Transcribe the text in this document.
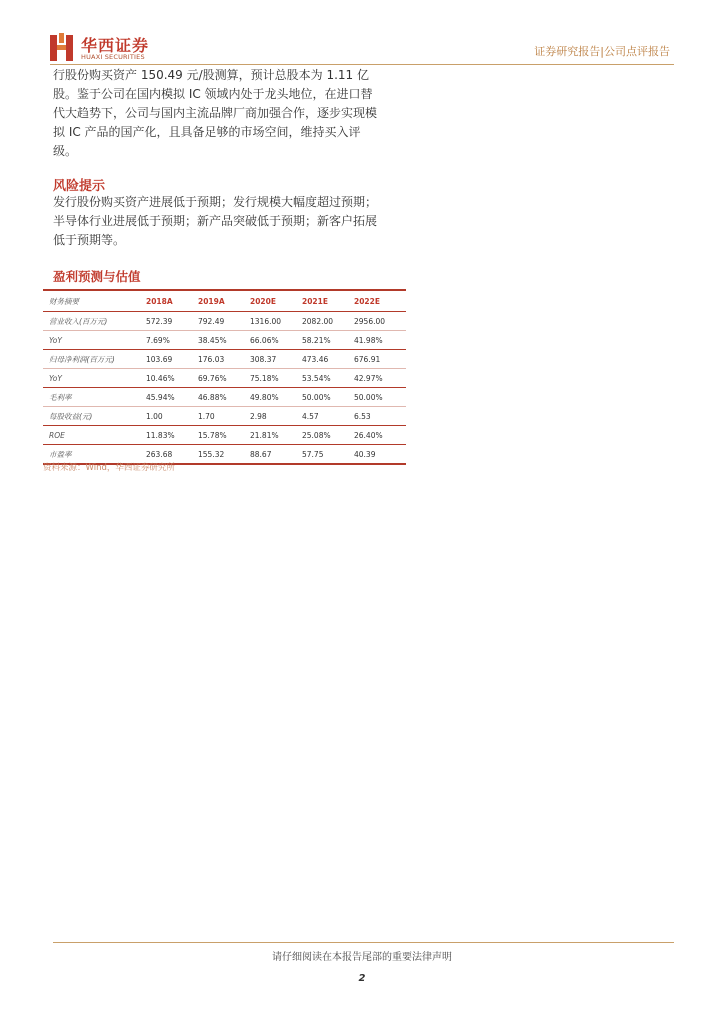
华西证券
HUAXI SECURITIES	证券研究报告|公司点评报告
行股份购买资产 150.49 元/股测算，预计总股本为 1.11 亿
股。鉴于公司在国内模拟 IC 领域内处于龙头地位，在进口替
代大趋势下，公司与国内主流品牌厂商加强合作，逐步实现模
拟 IC 产品的国产化，且具备足够的市场空间，维持买入评
级。
风险提示
发行股份购买资产进展低于预期；发行规模大幅度超过预期；
半导体行业进展低于预期；新产品突破低于预期；新客户拓展
低于预期等。
盈利预测与估值
财务摘要	2018A	2019A	2020E	2021E	2022E
营业收入(百万元)	572.39	792.49	1316.00	2082.00	2956.00
YoY	7.69%	38.45%	66.06%	58.21%	41.98%
归母净利润(百万元)	103.69	176.03	308.37	473.46	676.91
YoY	10.46%	69.76%	75.18%	53.54%	42.97%
毛利率	45.94%	46.88%	49.80%	50.00%	50.00%
每股收益(元)	1.00	1.70	2.98	4.57	6.53
ROE	11.83%	15.78%	21.81%	25.08%	26.40%
市盈率	263.68	155.32	88.67	57.75	40.39
资料来源：Wind，华西证券研究所
请仔细阅读在本报告尾部的重要法律声明
2
